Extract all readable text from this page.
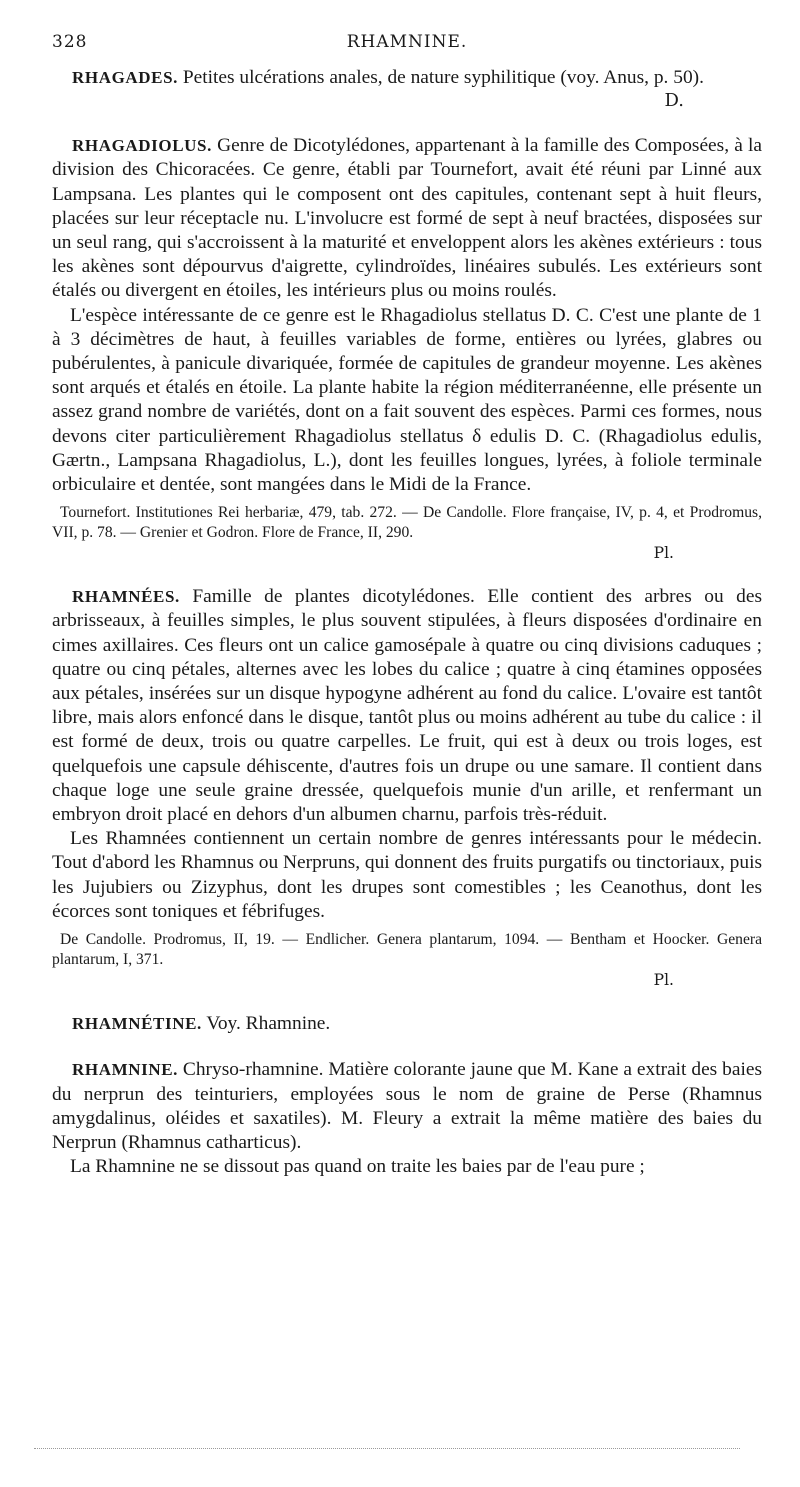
328	RHAMNINE.

RHAGADES. Petites ulcérations anales, de nature syphilitique (voy. Anus, p. 50).

D.

RHAGADIOLUS. Genre de Dicotylédones, appartenant à la famille des Composées, à la division des Chicoracées. Ce genre, établi par Tournefort, avait été réuni par Linné aux Lampsana. Les plantes qui le composent ont des capitules, contenant sept à huit fleurs, placées sur leur réceptacle nu. L'involucre est formé de sept à neuf bractées, disposées sur un seul rang, qui s'accroissent à la maturité et enveloppent alors les akènes extérieurs : tous les akènes sont dépourvus d'aigrette, cylindroïdes, linéaires subulés. Les extérieurs sont étalés ou divergent en étoiles, les intérieurs plus ou moins roulés.

L'espèce intéressante de ce genre est le Rhagadiolus stellatus D. C. C'est une plante de 1 à 3 décimètres de haut, à feuilles variables de forme, entières ou lyrées, glabres ou pubérulentes, à panicule divariquée, formée de capitules de grandeur moyenne. Les akènes sont arqués et étalés en étoile. La plante habite la région méditerranéenne, elle présente un assez grand nombre de variétés, dont on a fait souvent des espèces. Parmi ces formes, nous devons citer particulièrement Rhagadiolus stellatus δ edulis D. C. (Rhagadiolus edulis, Gærtn., Lampsana Rhagadiolus, L.), dont les feuilles longues, lyrées, à foliole terminale orbiculaire et dentée, sont mangées dans le Midi de la France.

Tournefort. Institutiones Rei herbariæ, 479, tab. 272. — De Candolle. Flore française, IV, p. 4, et Prodromus, VII, p. 78. — Grenier et Godron. Flore de France, II, 290.

Pl.

RHAMNÉES. Famille de plantes dicotylédones. Elle contient des arbres ou des arbrisseaux, à feuilles simples, le plus souvent stipulées, à fleurs disposées d'ordinaire en cimes axillaires. Ces fleurs ont un calice gamosépale à quatre ou cinq divisions caduques ; quatre ou cinq pétales, alternes avec les lobes du calice ; quatre à cinq étamines opposées aux pétales, insérées sur un disque hypogyne adhérent au fond du calice. L'ovaire est tantôt libre, mais alors enfoncé dans le disque, tantôt plus ou moins adhérent au tube du calice : il est formé de deux, trois ou quatre carpelles. Le fruit, qui est à deux ou trois loges, est quelquefois une capsule déhiscente, d'autres fois un drupe ou une samare. Il contient dans chaque loge une seule graine dressée, quelquefois munie d'un arille, et renfermant un embryon droit placé en dehors d'un albumen charnu, parfois très-réduit.

Les Rhamnées contiennent un certain nombre de genres intéressants pour le médecin. Tout d'abord les Rhamnus ou Nerpruns, qui donnent des fruits purgatifs ou tinctoriaux, puis les Jujubiers ou Zizyphus, dont les drupes sont comestibles ; les Ceanothus, dont les écorces sont toniques et fébrifuges.

De Candolle. Prodromus, II, 19. — Endlicher. Genera plantarum, 1094. — Bentham et Hoocker. Genera plantarum, I, 371.

Pl.

RHAMNÉTINE. Voy. Rhamnine.

RHAMNINE. Chryso-rhamnine. Matière colorante jaune que M. Kane a extrait des baies du nerprun des teinturiers, employées sous le nom de graine de Perse (Rhamnus amygdalinus, oléides et saxatiles). M. Fleury a extrait la même matière des baies du Nerprun (Rhamnus catharticus).

La Rhamnine ne se dissout pas quand on traite les baies par de l'eau pure ;
